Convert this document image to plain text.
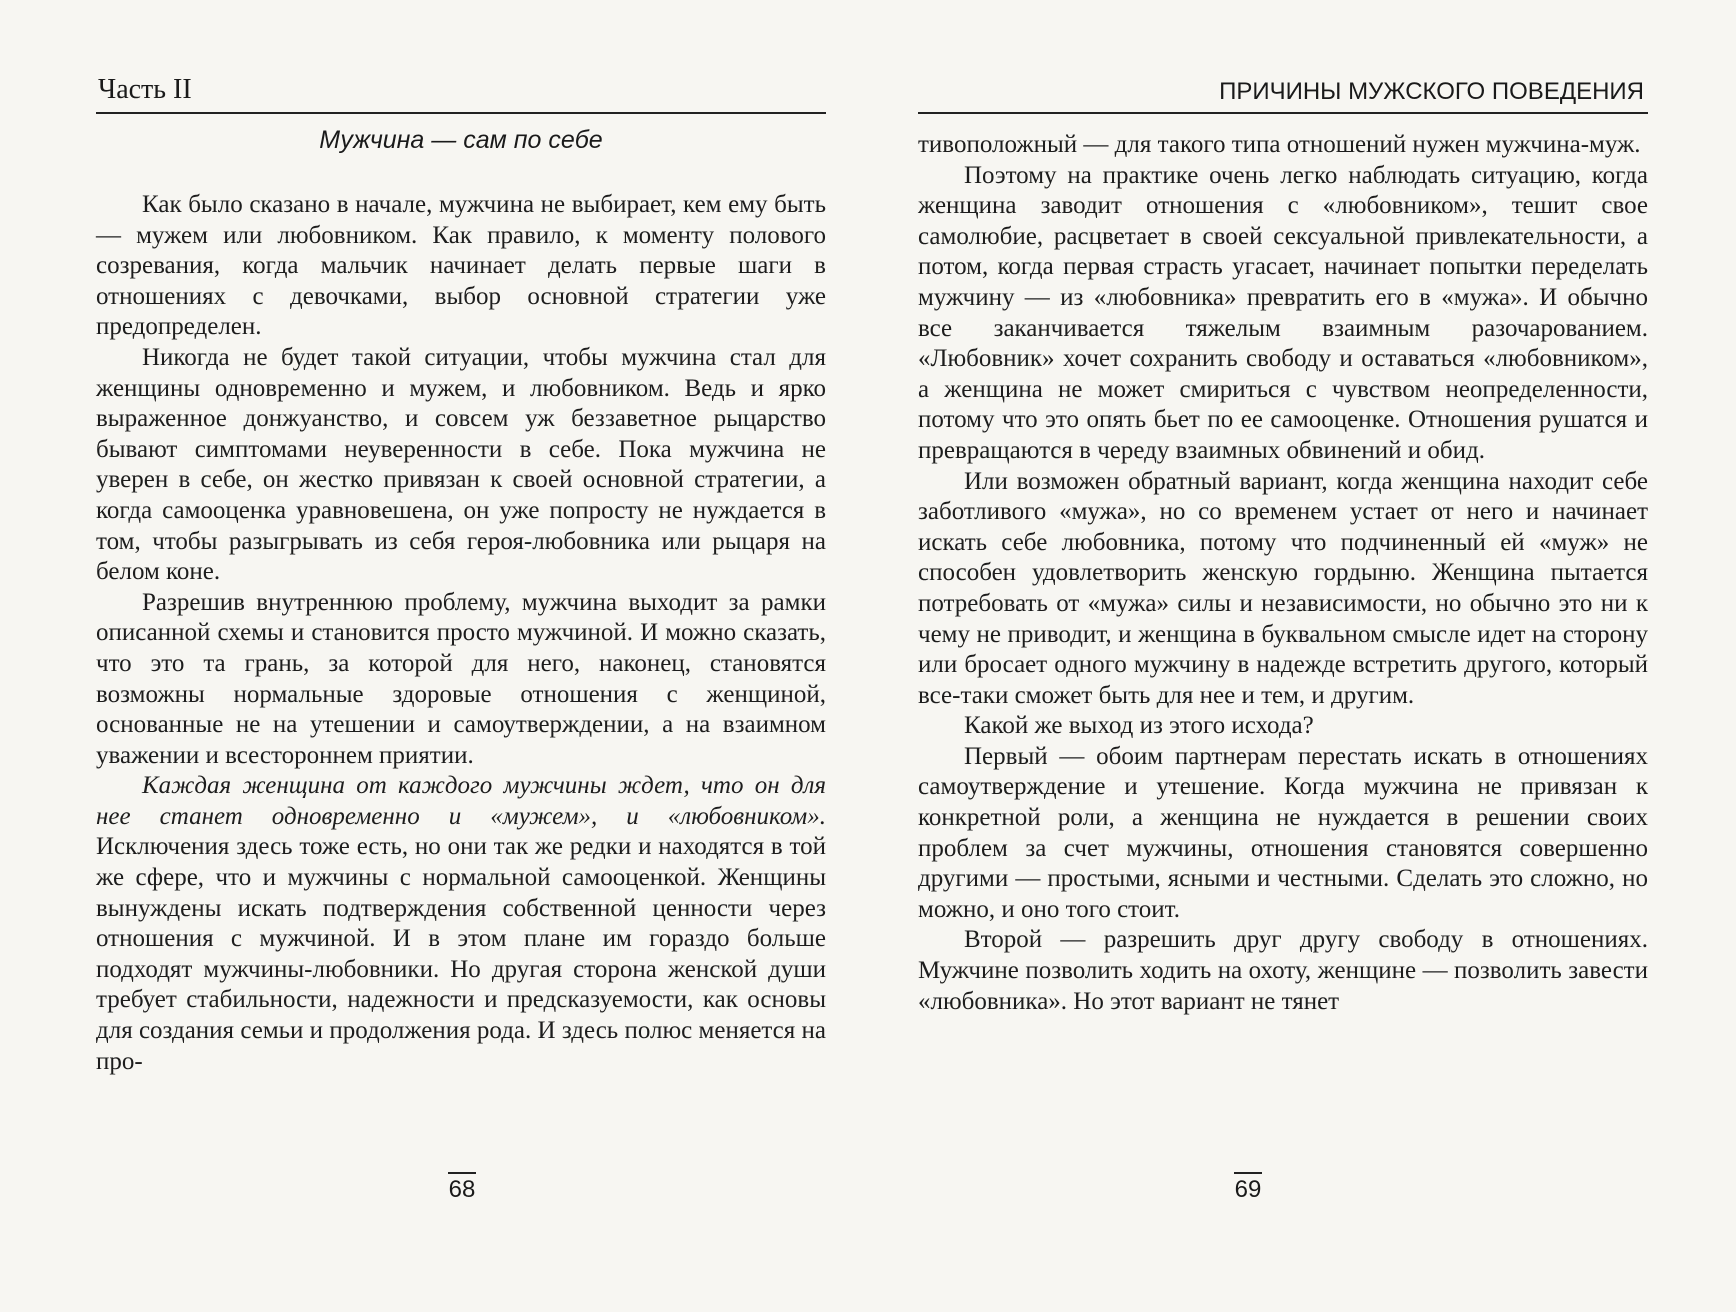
Часть II
Мужчина — сам по себе

Как было сказано в начале, мужчина не выбирает, кем ему быть — мужем или любовником. Как правило, к моменту полового созревания, когда мальчик начинает делать первые шаги в отношениях с девочками, выбор основной стратегии уже предопределен.

Никогда не будет такой ситуации, чтобы мужчина стал для женщины одновременно и мужем, и любовником. Ведь и ярко выраженное донжуанство, и совсем уж беззаветное рыцарство бывают симптомами неуверенности в себе. Пока мужчина не уверен в себе, он жестко привязан к своей основной стратегии, а когда самооценка уравновешена, он уже попросту не нуждается в том, чтобы разыгрывать из себя героя-любовника или рыцаря на белом коне.

Разрешив внутреннюю проблему, мужчина выходит за рамки описанной схемы и становится просто мужчиной. И можно сказать, что это та грань, за которой для него, наконец, становятся возможны нормальные здоровые отношения с женщиной, основанные не на утешении и самоутверждении, а на взаимном уважении и всестороннем приятии.

Каждая женщина от каждого мужчины ждет, что он для нее станет одновременно и «мужем», и «любовником». Исключения здесь тоже есть, но они так же редки и находятся в той же сфере, что и мужчины с нормальной самооценкой. Женщины вынуждены искать подтверждения собственной ценности через отношения с мужчиной. И в этом плане им гораздо больше подходят мужчины-любовники. Но другая сторона женской души требует стабильности, надежности и предсказуемости, как основы для создания семьи и продолжения рода. И здесь полюс меняется на про-

68
ПРИЧИНЫ МУЖСКОГО ПОВЕДЕНИЯ

тивоположный — для такого типа отношений нужен мужчина-муж.

Поэтому на практике очень легко наблюдать ситуацию, когда женщина заводит отношения с «любовником», тешит свое самолюбие, расцветает в своей сексуальной привлекательности, а потом, когда первая страсть угасает, начинает попытки переделать мужчину — из «любовника» превратить его в «мужа». И обычно все заканчивается тяжелым взаимным разочарованием. «Любовник» хочет сохранить свободу и оставаться «любовником», а женщина не может смириться с чувством неопределенности, потому что это опять бьет по ее самооценке. Отношения рушатся и превращаются в череду взаимных обвинений и обид.

Или возможен обратный вариант, когда женщина находит себе заботливого «мужа», но со временем устает от него и начинает искать себе любовника, потому что подчиненный ей «муж» не способен удовлетворить женскую гордыню. Женщина пытается потребовать от «мужа» силы и независимости, но обычно это ни к чему не приводит, и женщина в буквальном смысле идет на сторону или бросает одного мужчину в надежде встретить другого, который все-таки сможет быть для нее и тем, и другим.

Какой же выход из этого исхода?

Первый — обоим партнерам перестать искать в отношениях самоутверждение и утешение. Когда мужчина не привязан к конкретной роли, а женщина не нуждается в решении своих проблем за счет мужчины, отношения становятся совершенно другими — простыми, ясными и честными. Сделать это сложно, но можно, и оно того стоит.

Второй — разрешить друг другу свободу в отношениях. Мужчине позволить ходить на охоту, женщине — позволить завести «любовника». Но этот вариант не тянет

69
